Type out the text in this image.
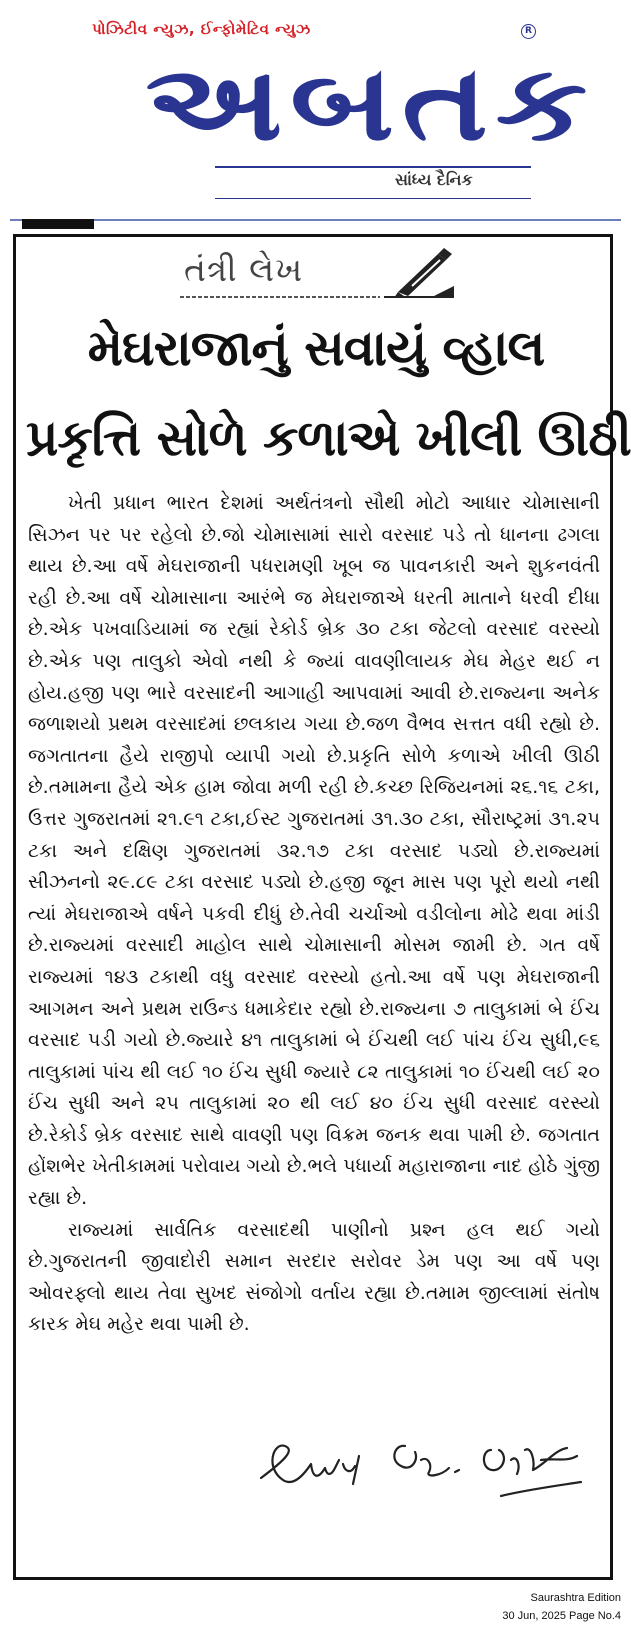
પોઝિટીવ ન્યુઝ, ઈન્ફોમેટિવ ન્યુઝ
અબતક
R
સાંધ્ય દૈનિક
તંત્રી લેખ
મેઘરાજાનું સવાયું વ્હાલ
પ્રકૃત્તિ સોળે કળાએ ખીલી ઊઠી

ખેતી પ્રધાન ભારત દેશમાં અર્થતંત્રનો સૌથી મોટો આધાર ચોમાસાની સિઝન પર પર રહેલો છે.જો ચોમાસામાં સારો વરસાદ પડે તો ધાનના ઢગલા થાય છે.આ વર્ષે મેઘરાજાની પધરામણી ખૂબ જ પાવનકારી અને શુકનવંતી રહી છે.આ વર્ષે ચોમાસાના આરંભે જ મેઘરાજાએ ધરતી માતાને ધરવી દીધા છે.એક પખવાડિયામાં જ રહ્યાં રેકોર્ડ બ્રેક ૩૦ ટકા જેટલો વરસાદ વરસ્યો છે.એક પણ તાલુકો એવો નથી કે જ્યાં વાવણીલાયક મેઘ મેહર થઈ ન હોય.હજી પણ ભારે વરસાદની આગાહી આપવામાં આવી છે.રાજ્યના અનેક જળાશયો પ્રથમ વરસાદમાં છલકાય ગયા છે.જળ વૈભવ સત્તત વધી રહ્યો છે. જગતાતના હૈયે રાજીપો વ્યાપી ગયો છે.પ્રકૃતિ સોળે કળાએ ખીલી ઊઠી છે.તમામના હૈયે એક હામ જોવા મળી રહી છે.કચ્છ રિજિયનમાં ૨૬.૧૬ ટકા, ઉત્તર ગુજરાતમાં ૨૧.૯૧ ટકા,ઈસ્ટ ગુજરાતમાં ૩૧.૩૦ ટકા, સૌરાષ્ટ્રમાં ૩૧.૨૫ ટકા અને દક્ષિણ ગુજરાતમાં ૩૨.૧૭ ટકા વરસાદ પડ્યો છે.રાજ્યમાં સીઝનનો ૨૯.૮૯ ટકા વરસાદ પડ્યો છે.હજી જૂન માસ પણ પૂરો થયો નથી ત્યાં મેઘરાજાએ વર્ષને પકવી દીધું છે.તેવી ચર્ચાઓ વડીલોના મોઢે થવા માંડી છે.રાજ્યમાં વરસાદી માહોલ સાથે ચોમાસાની મોસમ જામી છે. ગત વર્ષે રાજ્યમાં ૧૪૩ ટકાથી વધુ વરસાદ વરસ્યો હતો.આ વર્ષે પણ મેઘરાજાની આગમન અને પ્રથમ રાઉન્ડ ધમાકેદાર રહ્યો છે.રાજ્યના ૭ તાલુકામાં બે ઈંચ વરસાદ પડી ગયો છે.જ્યારે ૪૧ તાલુકામાં બે ઈંચથી લઈ પાંચ ઈંચ સુધી,૯૬ તાલુકામાં પાંચ થી લઈ ૧૦ ઈંચ સુધી જ્યારે ૮૨ તાલુકામાં ૧૦ ઈંચથી લઈ ૨૦ ઈંચ સુધી અને ૨૫ તાલુકામાં ૨૦ થી લઈ ૪૦ ઈંચ સુધી વરસાદ વરસ્યો છે.રેકોર્ડ બ્રેક વરસાદ સાથે વાવણી પણ વિક્રમ જનક થવા પામી છે. જગતાત હોંશભેર ખેતીકામમાં પરોવાય ગયો છે.ભલે પધાર્યા મહારાજાના નાદ હોઠે ગુંજી રહ્યા છે.

રાજ્યમાં સાર્વતિક વરસાદથી પાણીનો પ્રશ્ન હલ થઈ ગયો છે.ગુજરાતની જીવાદોરી સમાન સરદાર સરોવર ડેમ પણ આ વર્ષે પણ ઓવરફ્લો થાય તેવા સુખદ સંજોગો વર્તાય રહ્યા છે.તમામ જીલ્લામાં સંતોષ કારક મેઘ મહેર થવા પામી છે.

Saurashtra Edition
30 Jun, 2025 Page No.4
